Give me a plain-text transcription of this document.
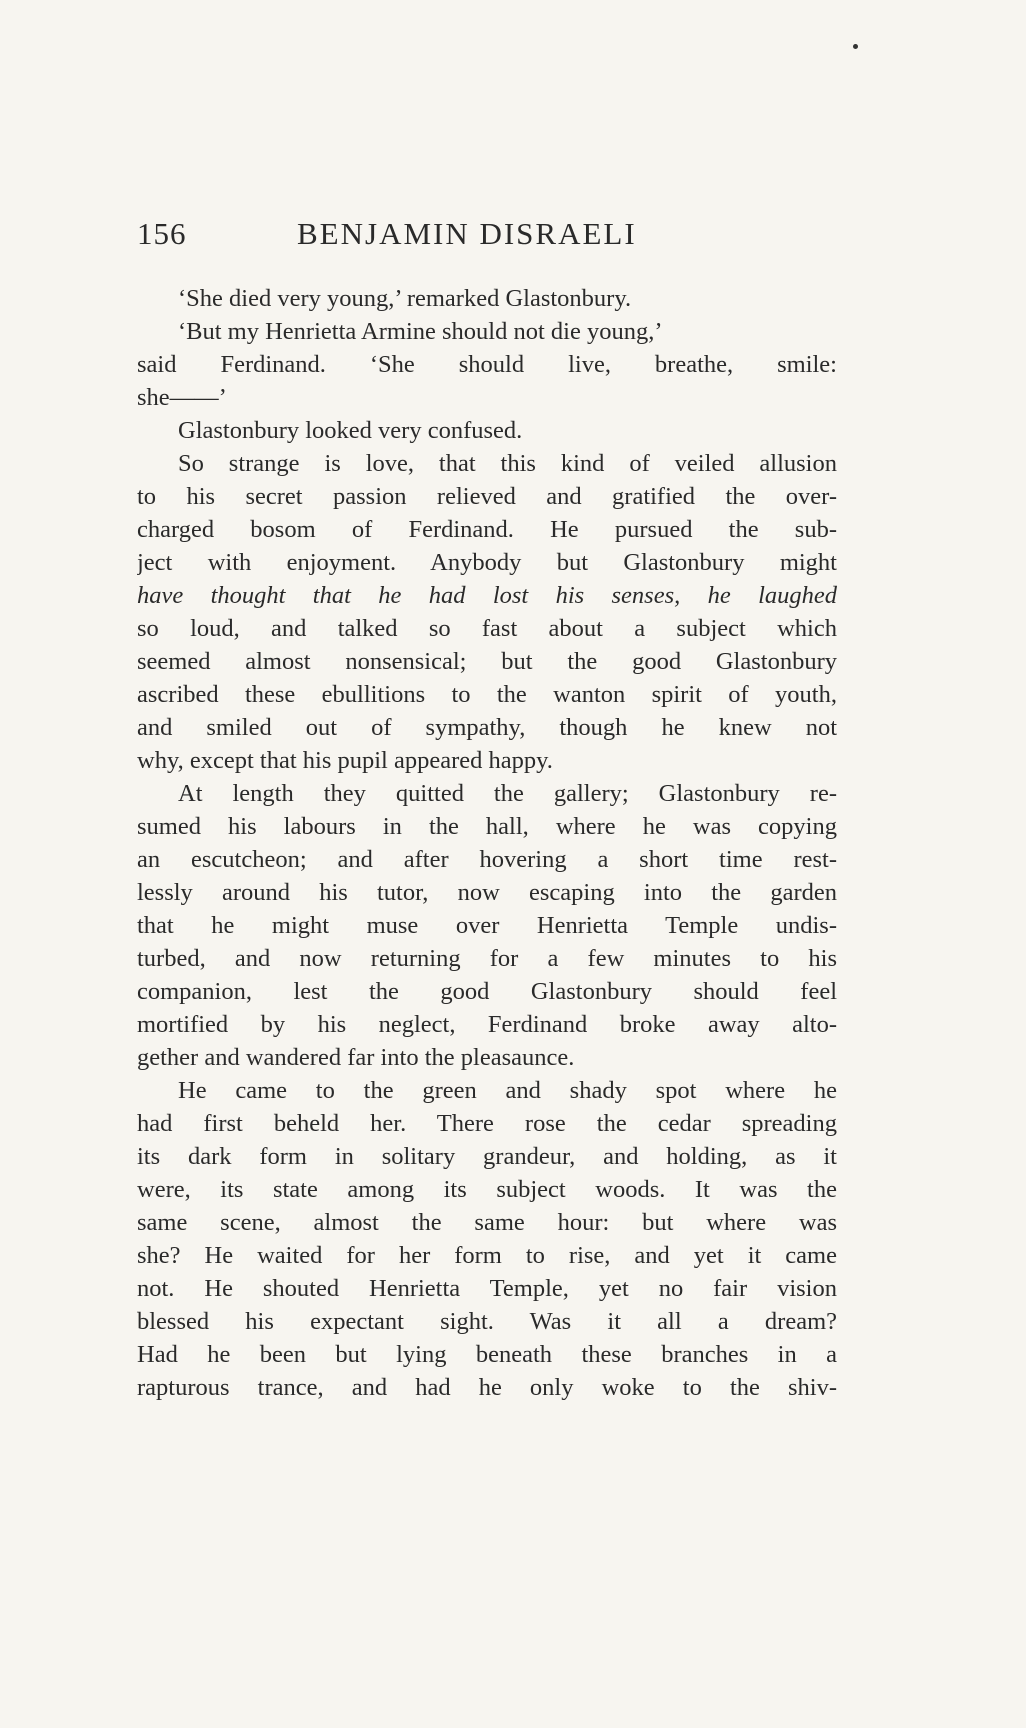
156	BENJAMIN DISRAELI
‘She died very young,’ remarked Glastonbury.
‘But my Henrietta Armine should not die young,’
said Ferdinand. ‘She should live, breathe, smile:
she——’
Glastonbury looked very confused.
So strange is love, that this kind of veiled allusion
to his secret passion relieved and gratified the over-
charged bosom of Ferdinand. He pursued the sub-
ject with enjoyment. Anybody but Glastonbury might
have thought that he had lost his senses, he laughed
so loud, and talked so fast about a subject which
seemed almost nonsensical; but the good Glastonbury
ascribed these ebullitions to the wanton spirit of youth,
and smiled out of sympathy, though he knew not
why, except that his pupil appeared happy.
At length they quitted the gallery; Glastonbury re-
sumed his labours in the hall, where he was copying
an escutcheon; and after hovering a short time rest-
lessly around his tutor, now escaping into the garden
that he might muse over Henrietta Temple undis-
turbed, and now returning for a few minutes to his
companion, lest the good Glastonbury should feel
mortified by his neglect, Ferdinand broke away alto-
gether and wandered far into the pleasaunce.
He came to the green and shady spot where he
had first beheld her. There rose the cedar spreading
its dark form in solitary grandeur, and holding, as it
were, its state among its subject woods. It was the
same scene, almost the same hour: but where was
she? He waited for her form to rise, and yet it came
not. He shouted Henrietta Temple, yet no fair vision
blessed his expectant sight. Was it all a dream?
Had he been but lying beneath these branches in a
rapturous trance, and had he only woke to the shiv-
